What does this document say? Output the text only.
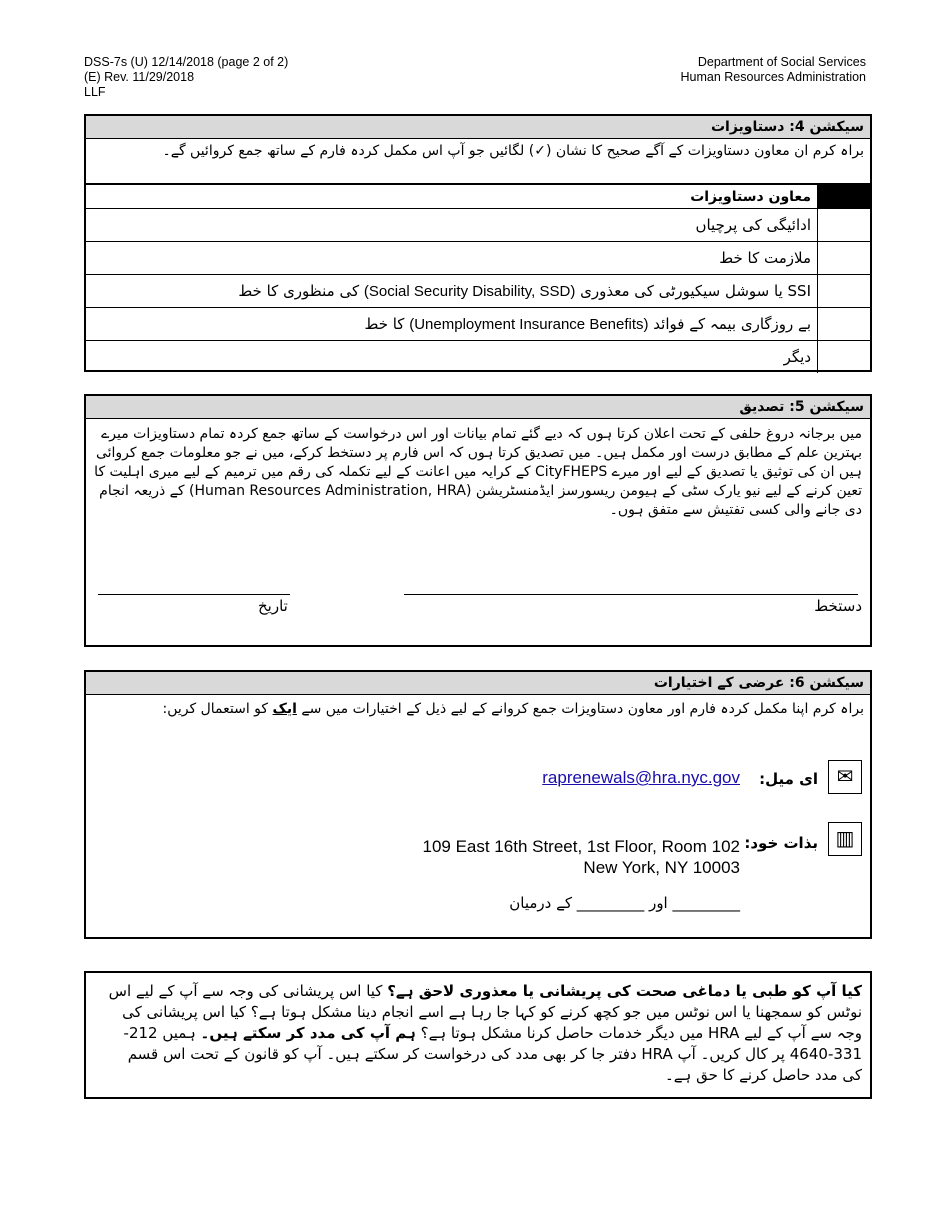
DSS-7s (U) 12/14/2018 (page 2 of 2)
(E) Rev. 11/29/2018
LLF
Department of Social Services
Human Resources Administration
سیکشن 4: دستاویزات
براہ کرم ان معاون دستاویزات کے آگے صحیح کا نشان (✓) لگائیں جو آپ اس مکمل کردہ فارم کے ساتھ جمع کروائیں گے۔
	معاون دستاویزات
	ادائیگی کی پرچیاں
	ملازمت کا خط
	SSI یا سوشل سیکیورٹی کی معذوری (Social Security Disability, SSD) کی منظوری کا خط
	بے روزگاری بیمہ کے فوائد (Unemployment Insurance Benefits) کا خط
	دیگر
سیکشن 5: تصدیق
میں برجانہ دروغ حلفی کے تحت اعلان کرتا ہوں کہ دیے گئے تمام بیانات اور اس درخواست کے ساتھ جمع کردہ تمام دستاویزات میرے بہترین علم کے مطابق درست اور مکمل ہیں۔ میں تصدیق کرتا ہوں کہ اس فارم پر دستخط کرکے، میں نے جو معلومات جمع کروائی ہیں ان کی توثیق یا تصدیق کے لیے اور میرے CityFHEPS کے کرایہ میں اعانت کے لیے تکملہ کی رقم میں ترمیم کے لیے میری اہلیت کا تعین کرنے کے لیے نیو یارک سٹی کے ہیومن ریسورسز ایڈمنسٹریشن (Human Resources Administration, HRA) کے ذریعہ انجام دی جانے والی کسی تفتیش سے متفق ہوں۔
دستخط
تاریخ
سیکشن 6: عرضی کے اختیارات
براہ کرم اپنا مکمل کردہ فارم اور معاون دستاویزات جمع کروانے کے لیے ذیل کے اختیارات میں سے ایک کو استعمال کریں:
✉
ای میل:
raprenewals@hra.nyc.gov
▥
بذات خود:
109 East 16th Street, 1st Floor, Room 102
New York, NY 10003
_________ اور _________ کے درمیان
کیا آپ کو طبی یا دماغی صحت کی پریشانی یا معذوری لاحق ہے؟ کیا اس پریشانی کی وجہ سے آپ کے لیے اس نوٹس کو سمجھنا یا اس نوٹس میں جو کچھ کرنے کو کہا جا رہا ہے اسے انجام دینا مشکل ہوتا ہے؟ کیا اس پریشانی کی وجہ سے آپ کے لیے HRA میں دیگر خدمات حاصل کرنا مشکل ہوتا ہے؟ ہم آپ کی مدد کر سکتے ہیں۔ ہمیں 212-331-4640 پر کال کریں۔ آپ HRA دفتر جا کر بھی مدد کی درخواست کر سکتے ہیں۔ آپ کو قانون کے تحت اس قسم کی مدد حاصل کرنے کا حق ہے۔
